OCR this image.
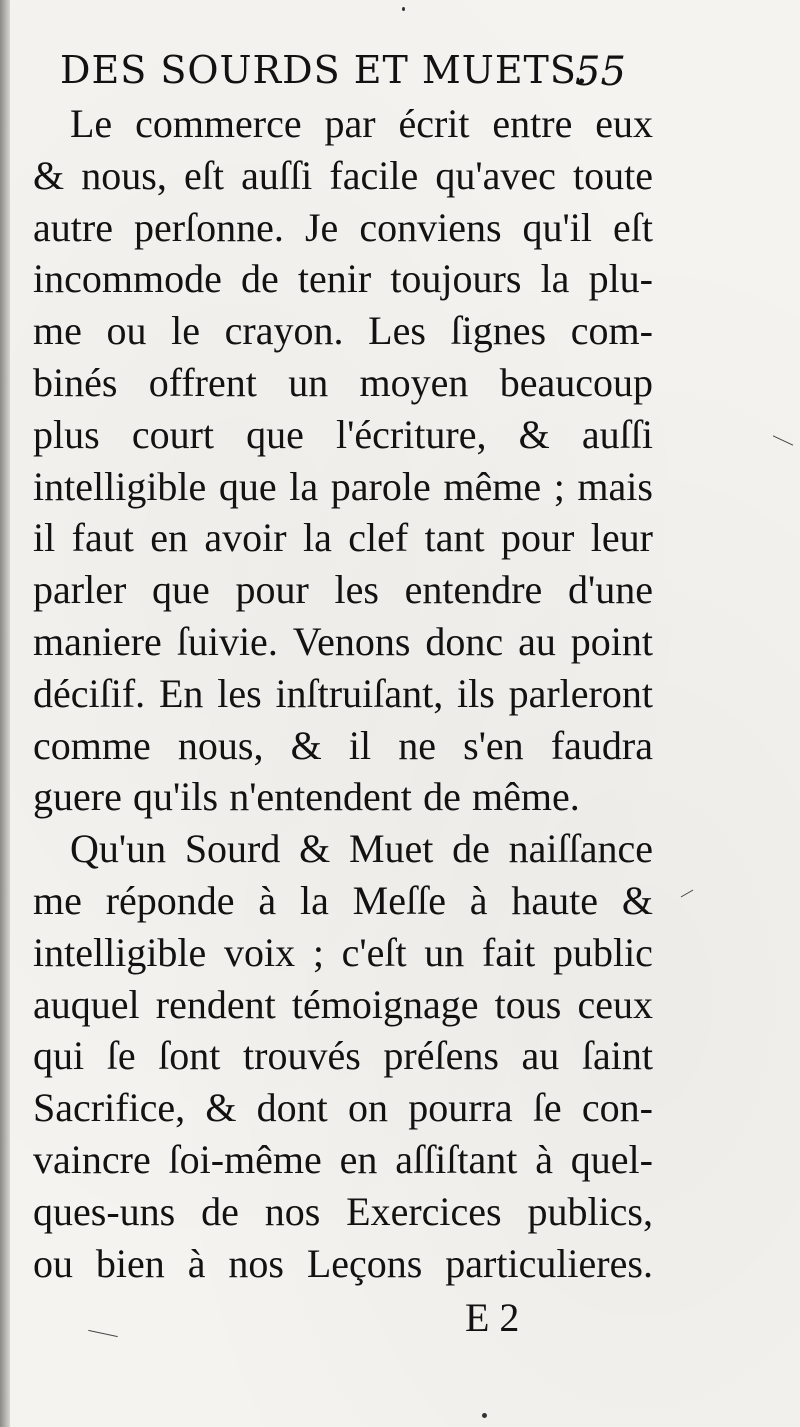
DES SOURDS ET MUETS.
55
Le commerce par écrit entre eux
& nous, eſt auſſi facile qu'avec toute
autre perſonne. Je conviens qu'il eſt
incommode de tenir toujours la plu-
me ou le crayon. Les ſignes com-
binés offrent un moyen beaucoup
plus court que l'écriture, & auſſi
intelligible que la parole même ; mais
il faut en avoir la clef tant pour leur
parler que pour les entendre d'une
maniere ſuivie. Venons donc au point
déciſif. En les inſtruiſant, ils parleront
comme nous, & il ne s'en faudra
guere qu'ils n'entendent de même.
Qu'un Sourd & Muet de naiſſance
me réponde à la Meſſe à haute &
intelligible voix ; c'eſt un fait public
auquel rendent témoignage tous ceux
qui ſe ſont trouvés préſens au ſaint
Sacrifice, & dont on pourra ſe con-
vaincre ſoi-même en aſſiſtant à quel-
ques-uns de nos Exercices publics,
ou bien à nos Leçons particulieres.
E 2
